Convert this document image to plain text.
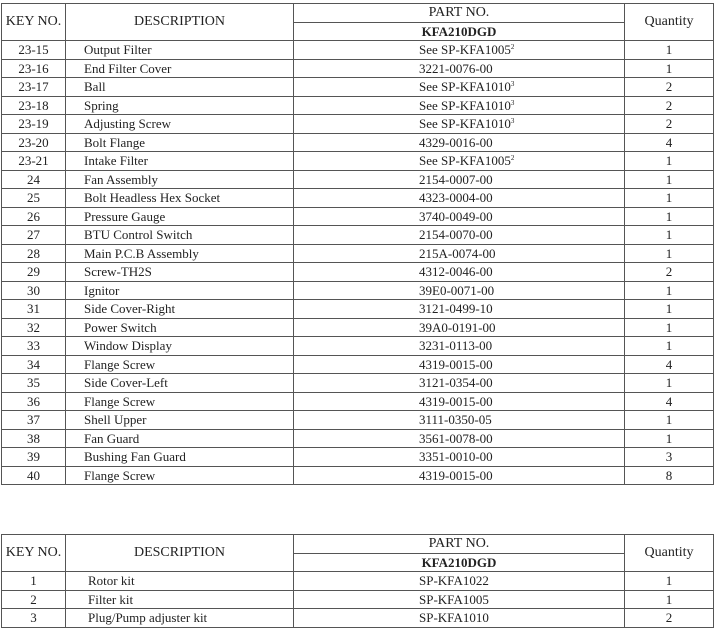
KEY NO.	DESCRIPTION	PART NO.	Quantity
		KFA210DGD	
23-15	Output Filter	See SP-KFA1005$^2$	1
23-16	End Filter Cover	3221-0076-00	1
23-17	Ball	See SP-KFA1010$^3$	2
23-18	Spring	See SP-KFA1010$^3$	2
23-19	Adjusting Screw	See SP-KFA1010$^3$	2
23-20	Bolt Flange	4329-0016-00	4
23-21	Intake Filter	See SP-KFA1005$^2$	1
24	Fan Assembly	2154-0007-00	1
25	Bolt Headless Hex Socket	4323-0004-00	1
26	Pressure Gauge	3740-0049-00	1
27	BTU Control Switch	2154-0070-00	1
28	Main P.C.B Assembly	215A-0074-00	1
29	Screw-TH2S	4312-0046-00	2
30	Ignitor	39E0-0071-00	1
31	Side Cover-Right	3121-0499-10	1
32	Power Switch	39A0-0191-00	1
33	Window Display	3231-0113-00	1
34	Flange Screw	4319-0015-00	4
35	Side Cover-Left	3121-0354-00	1
36	Flange Screw	4319-0015-00	4
37	Shell Upper	3111-0350-05	1
38	Fan Guard	3561-0078-00	1
39	Bushing Fan Guard	3351-0010-00	3
40	Flange Screw	4319-0015-00	8
KEY NO.	DESCRIPTION	PART NO.	Quantity
		KFA210DGD	
1	Rotor kit	SP-KFA1022	1
2	Filter kit	SP-KFA1005	1
3	Plug/Pump adjuster kit	SP-KFA1010	2
